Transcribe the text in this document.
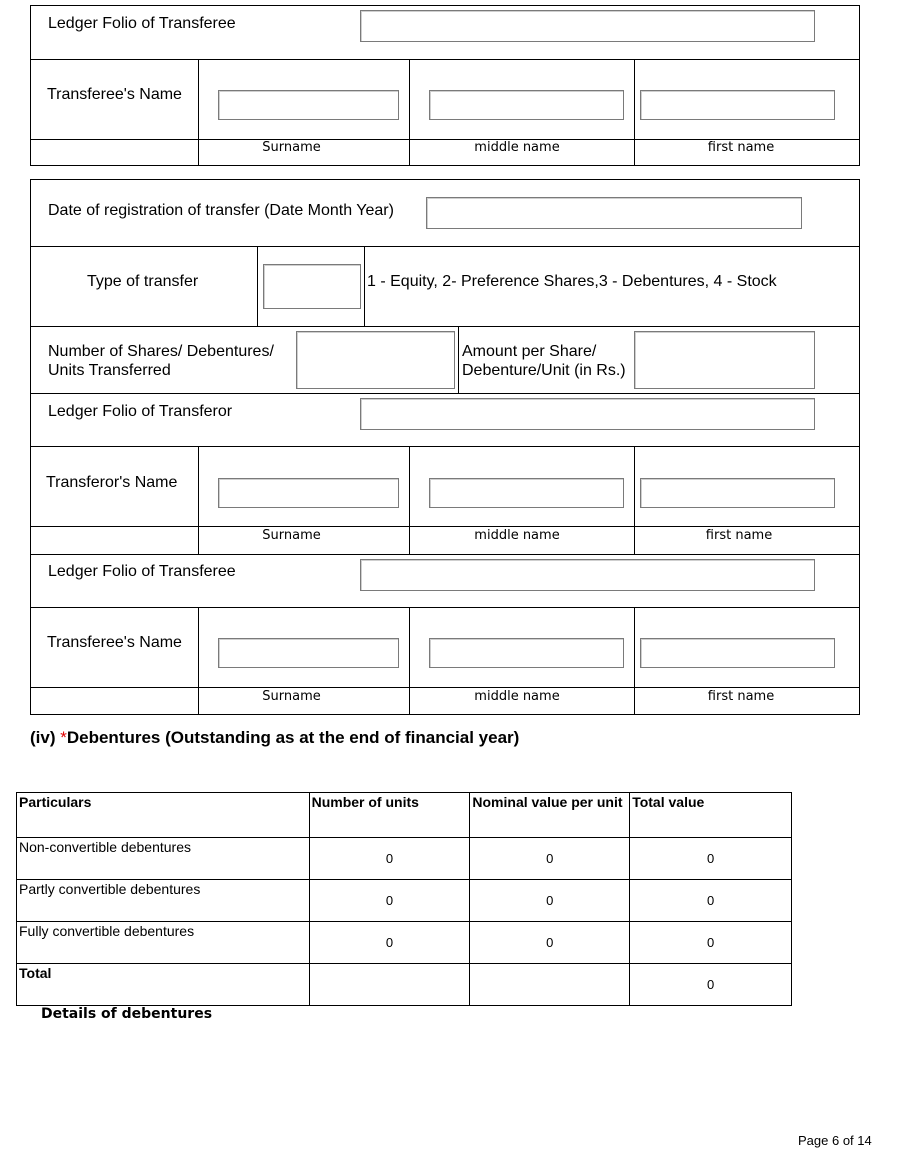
Ledger Folio of Transferee
Transferee's Name
Surname	middle name	first name
Date of registration of transfer (Date Month Year)
Type of transfer	1 - Equity, 2- Preference Shares,3 - Debentures, 4 - Stock
Number of Shares/ Debentures/
Units Transferred
Amount per Share/
Debenture/Unit (in Rs.)
Ledger Folio of Transferor
Transferor's Name
Surname	middle name	first name
Ledger Folio of Transferee
Transferee's Name
Surname	middle name	first name
(iv) *Debentures (Outstanding as at the end of financial year)
Particulars	Number of units	Nominal value per unit	Total value
Non-convertible debentures	0	0	0
Partly convertible debentures	0	0	0
Fully convertible debentures	0	0	0
Total			0
Details of debentures
Page 6 of 14
